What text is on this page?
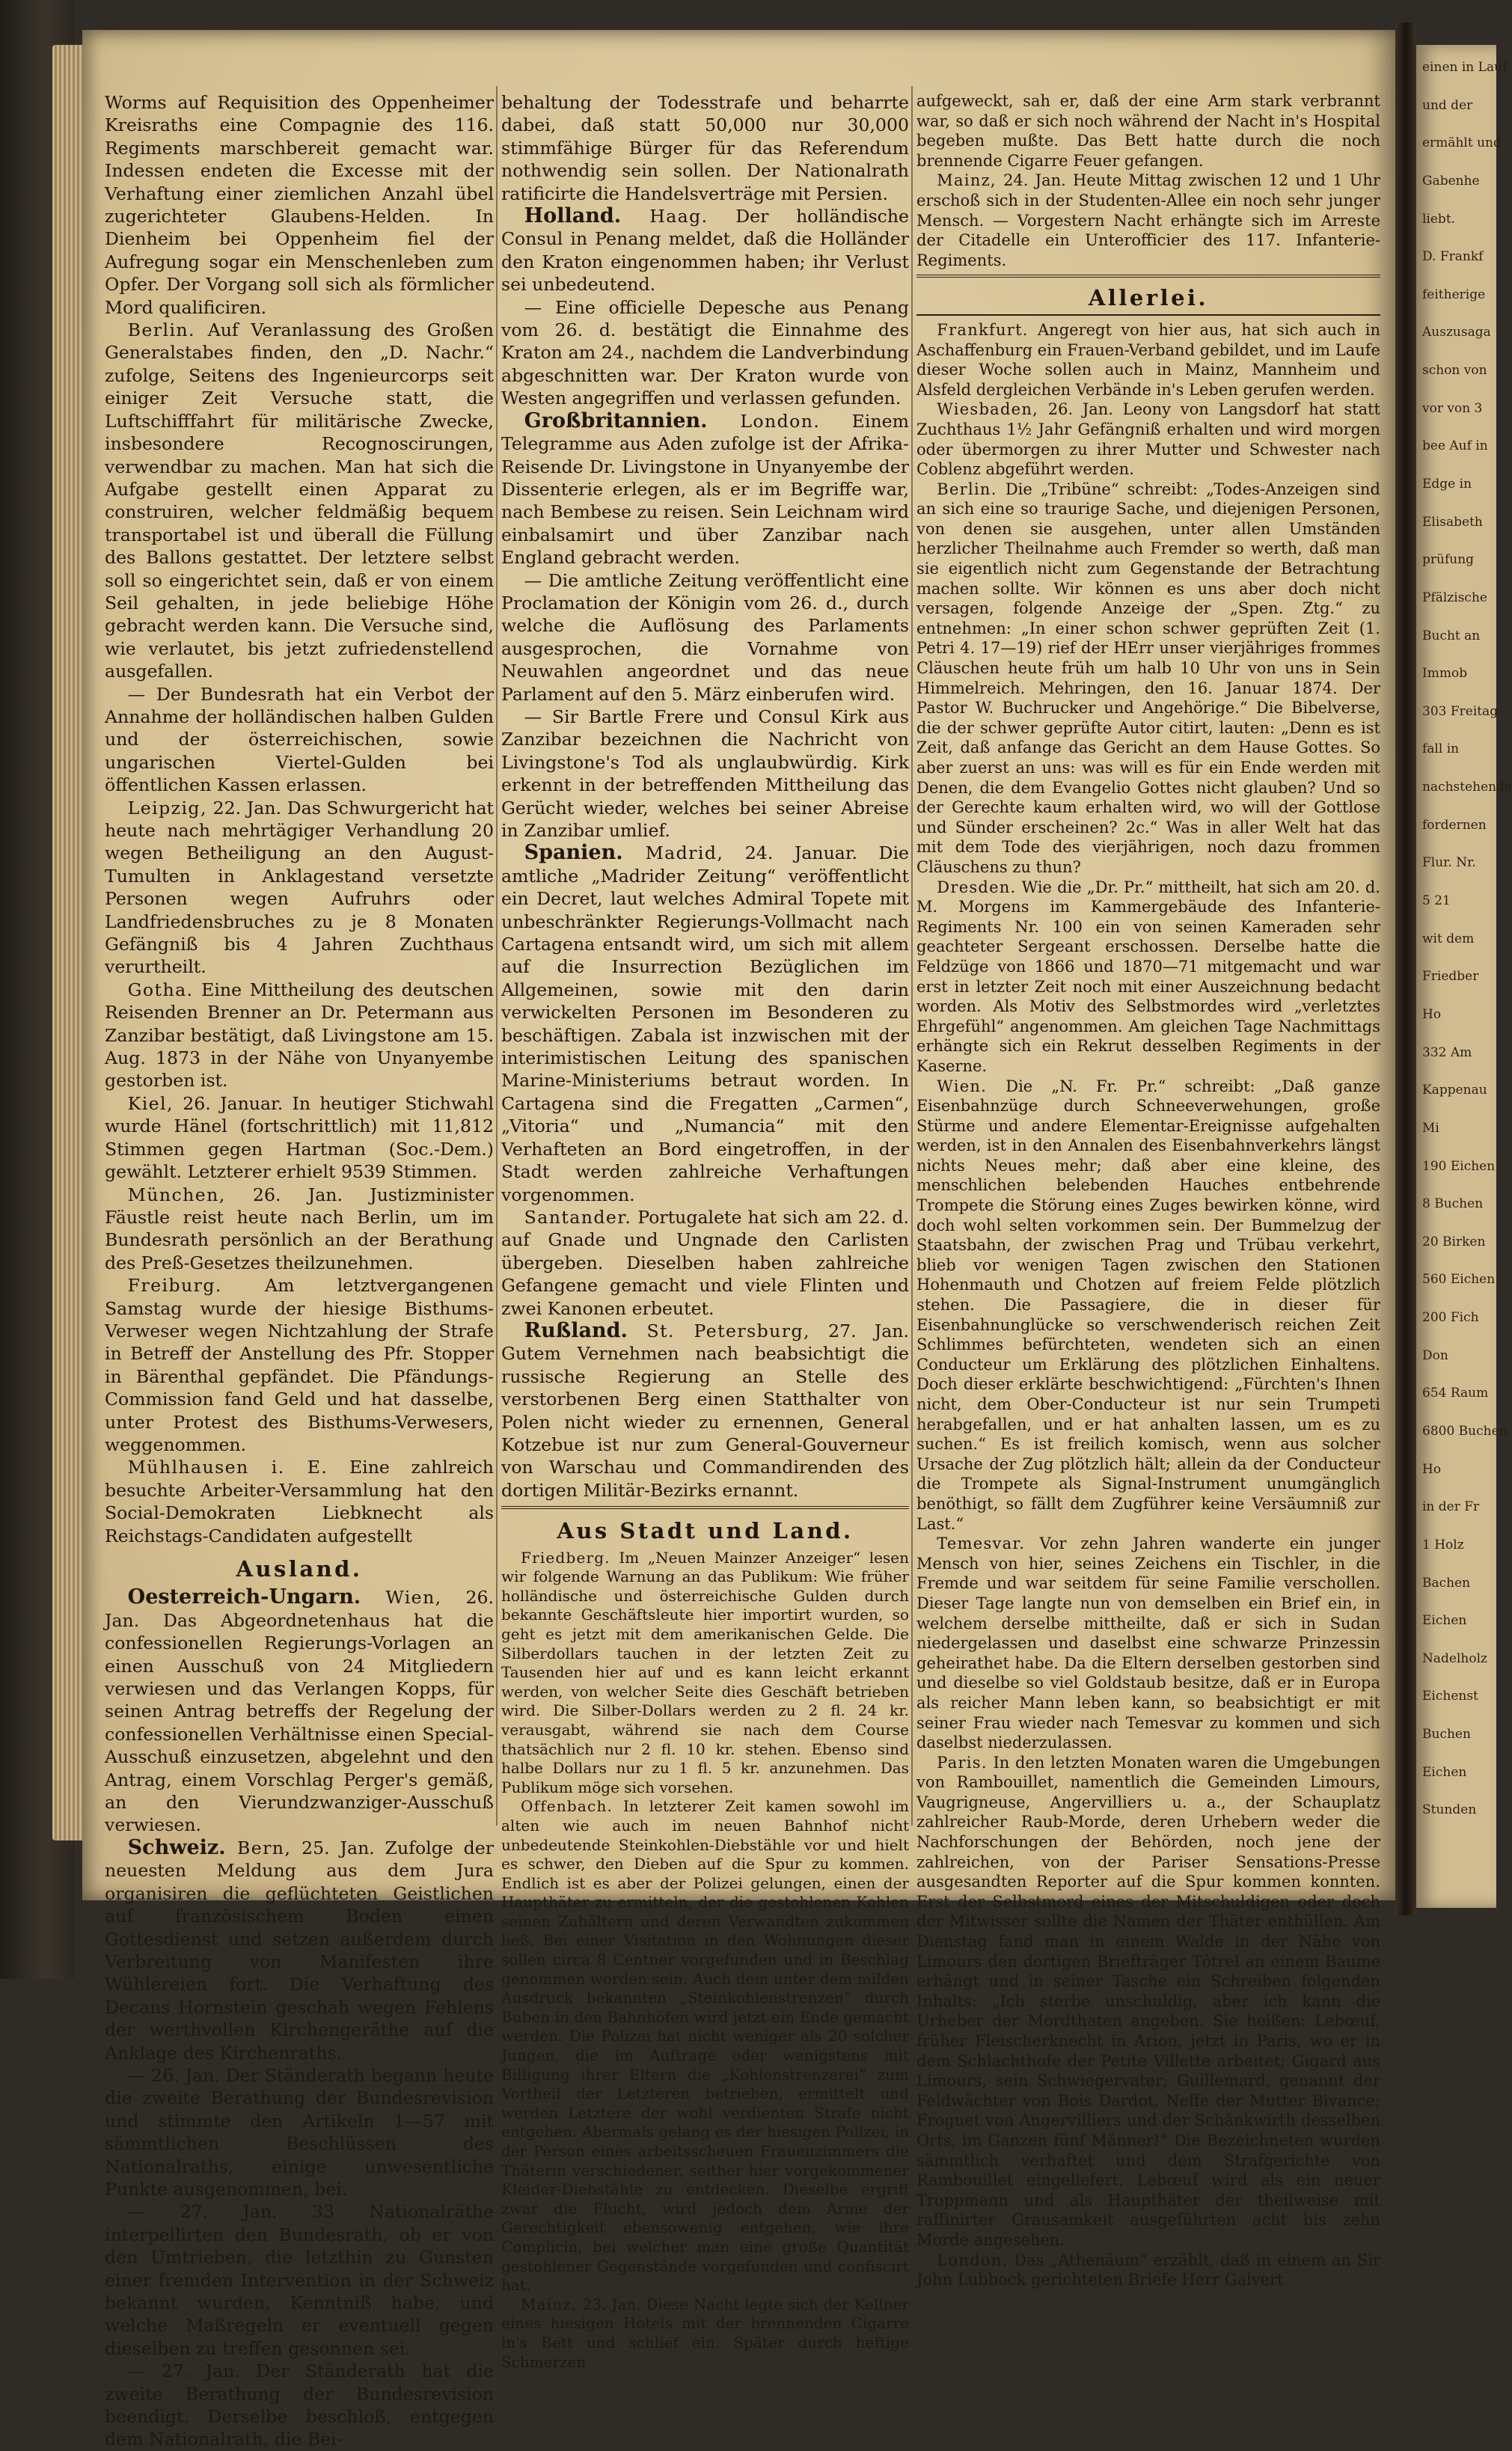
Worms auf Requisition des Oppenheimer Kreisraths eine Compagnie des 116. Regiments marschbereit gemacht war. Indessen endeten die Excesse mit der Verhaftung einer ziemlichen Anzahl übel zugerichteter Glaubens-Helden. In Dienheim bei Oppenheim fiel der Aufregung sogar ein Menschenleben zum Opfer. Der Vorgang soll sich als förmlicher Mord qualificiren.

Berlin. Auf Veranlassung des Großen Generalstabes finden, den „D. Nachr.“ zufolge, Seitens des Ingenieurcorps seit einiger Zeit Versuche statt, die Luftschifffahrt für militärische Zwecke, insbesondere Recognoscirungen, verwendbar zu machen. Man hat sich die Aufgabe gestellt einen Apparat zu construiren, welcher feldmäßig bequem transportabel ist und überall die Füllung des Ballons gestattet. Der letztere selbst soll so eingerichtet sein, daß er von einem Seil gehalten, in jede beliebige Höhe gebracht werden kann. Die Versuche sind, wie verlautet, bis jetzt zufriedenstellend ausgefallen.

— Der Bundesrath hat ein Verbot der Annahme der holländischen halben Gulden und der österreichischen, sowie ungarischen Viertel-Gulden bei öffentlichen Kassen erlassen.

Leipzig, 22. Jan. Das Schwurgericht hat heute nach mehrtägiger Verhandlung 20 wegen Betheiligung an den August-Tumulten in Anklagestand versetzte Personen wegen Aufruhrs oder Landfriedensbruches zu je 8 Monaten Gefängniß bis 4 Jahren Zuchthaus verurtheilt.

Gotha. Eine Mittheilung des deutschen Reisenden Brenner an Dr. Petermann aus Zanzibar bestätigt, daß Livingstone am 15. Aug. 1873 in der Nähe von Unyanyembe gestorben ist.

Kiel, 26. Januar. In heutiger Stichwahl wurde Hänel (fortschrittlich) mit 11,812 Stimmen gegen Hartman (Soc.-Dem.) gewählt. Letzterer erhielt 9539 Stimmen.

München, 26. Jan. Justizminister Fäustle reist heute nach Berlin, um im Bundesrath persönlich an der Berathung des Preß-Gesetzes theilzunehmen.

Freiburg. Am letztvergangenen Samstag wurde der hiesige Bisthums-Verweser wegen Nichtzahlung der Strafe in Betreff der Anstellung des Pfr. Stopper in Bärenthal gepfändet. Die Pfändungs-Commission fand Geld und hat dasselbe, unter Protest des Bisthums-Verwesers, weggenommen.

Mühlhausen i. E. Eine zahlreich besuchte Arbeiter-Versammlung hat den Social-Demokraten Liebknecht als Reichstags-Candidaten aufgestellt

Ausland.

Oesterreich-Ungarn. Wien, 26. Jan. Das Abgeordnetenhaus hat die confessionellen Regierungs-Vorlagen an einen Ausschuß von 24 Mitgliedern verwiesen und das Verlangen Kopps, für seinen Antrag betreffs der Regelung der confessionellen Verhältnisse einen Special-Ausschuß einzusetzen, abgelehnt und den Antrag, einem Vorschlag Perger's gemäß, an den Vierundzwanziger-Ausschuß verwiesen.

Schweiz. Bern, 25. Jan. Zufolge der neuesten Meldung aus dem Jura organisiren die geflüchteten Geistlichen auf französischem Boden einen Gottesdienst und setzen außerdem durch Verbreitung von Manifesten ihre Wühlereien fort. Die Verhaftung des Decans Hornstein geschah wegen Fehlens der werthvollen Kirchengeräthe auf die Anklage des Kirchenraths.

— 26. Jan. Der Ständerath begann heute die zweite Berathung der Bundesrevision und stimmte den Artikeln 1—57 mit sämmtlichen Beschlüssen des Nationalraths, einige unwesentliche Punkte ausgenommen, bei.

— 27. Jan. 33 Nationalräthe interpellirten den Bundesrath, ob er von den Umtrieben, die letzthin zu Gunsten einer fremden Intervention in der Schweiz bekannt wurden, Kenntniß habe, und welche Maßregeln er eventuell gegen dieselben zu treffen gesonnen sei.

— 27. Jan. Der Ständerath hat die zweite Berathung der Bundesrevision beendigt. Derselbe beschloß, entgegen dem Nationalrath, die Bei-

behaltung der Todesstrafe und beharrte dabei, daß statt 50,000 nur 30,000 stimmfähige Bürger für das Referendum nothwendig sein sollen. Der Nationalrath ratificirte die Handelsverträge mit Persien.

Holland. Haag. Der holländische Consul in Penang meldet, daß die Holländer den Kraton eingenommen haben; ihr Verlust sei unbedeutend.

— Eine officielle Depesche aus Penang vom 26. d. bestätigt die Einnahme des Kraton am 24., nachdem die Landverbindung abgeschnitten war. Der Kraton wurde von Westen angegriffen und verlassen gefunden.

Großbritannien. London. Einem Telegramme aus Aden zufolge ist der Afrika-Reisende Dr. Livingstone in Unyanyembe der Dissenterie erlegen, als er im Begriffe war, nach Bembese zu reisen. Sein Leichnam wird einbalsamirt und über Zanzibar nach England gebracht werden.

— Die amtliche Zeitung veröffentlicht eine Proclamation der Königin vom 26. d., durch welche die Auflösung des Parlaments ausgesprochen, die Vornahme von Neuwahlen angeordnet und das neue Parlament auf den 5. März einberufen wird.

— Sir Bartle Frere und Consul Kirk aus Zanzibar bezeichnen die Nachricht von Livingstone's Tod als unglaubwürdig. Kirk erkennt in der betreffenden Mittheilung das Gerücht wieder, welches bei seiner Abreise in Zanzibar umlief.

Spanien. Madrid, 24. Januar. Die amtliche „Madrider Zeitung“ veröffentlicht ein Decret, laut welches Admiral Topete mit unbeschränkter Regierungs-Vollmacht nach Cartagena entsandt wird, um sich mit allem auf die Insurrection Bezüglichen im Allgemeinen, sowie mit den darin verwickelten Personen im Besonderen zu beschäftigen. Zabala ist inzwischen mit der interimistischen Leitung des spanischen Marine-Ministeriums betraut worden. In Cartagena sind die Fregatten „Carmen“, „Vitoria“ und „Numancia“ mit den Verhafteten an Bord eingetroffen, in der Stadt werden zahlreiche Verhaftungen vorgenommen.

Santander. Portugalete hat sich am 22. d. auf Gnade und Ungnade den Carlisten übergeben. Dieselben haben zahlreiche Gefangene gemacht und viele Flinten und zwei Kanonen erbeutet.

Rußland. St. Petersburg, 27. Jan. Gutem Vernehmen nach beabsichtigt die russische Regierung an Stelle des verstorbenen Berg einen Statthalter von Polen nicht wieder zu ernennen, General Kotzebue ist nur zum General-Gouverneur von Warschau und Commandirenden des dortigen Militär-Bezirks ernannt.

Aus Stadt und Land.

Friedberg. Im „Neuen Mainzer Anzeiger“ lesen wir folgende Warnung an das Publikum: Wie früher holländische und österreichische Gulden durch bekannte Geschäftsleute hier importirt wurden, so geht es jetzt mit dem amerikanischen Gelde. Die Silberdollars tauchen in der letzten Zeit zu Tausenden hier auf und es kann leicht erkannt werden, von welcher Seite dies Geschäft betrieben wird. Die Silber-Dollars werden zu 2 fl. 24 kr. verausgabt, während sie nach dem Course thatsächlich nur 2 fl. 10 kr. stehen. Ebenso sind halbe Dollars nur zu 1 fl. 5 kr. anzunehmen. Das Publikum möge sich vorsehen.

Offenbach. In letzterer Zeit kamen sowohl im alten wie auch im neuen Bahnhof nicht unbedeutende Steinkohlen-Diebstähle vor und hielt es schwer, den Dieben auf die Spur zu kommen. Endlich ist es aber der Polizei gelungen, einen der Haupthäter zu ermitteln, der die gestohlenen Kohlen seinen Zuhältern und deren Verwandten zukommen ließ. Bei einer Visitation in den Wohnungen dieser sollen circa 8 Centner vorgefunden und in Beschlag genommen worden sein. Auch dem unter dem milden Ausdruck bekannten „Steinkohlenstrenzen“ durch Buben in den Bahnhöfen wird jetzt ein Ende gemacht werden. Die Polizei hat nicht weniger als 20 solcher Jungen, die im Auftrage oder wenigstens mit Billigung ihrer Eltern die „Kohlenstrenzerei“ zum Vortheil der Letzteren betrieben, ermittelt und werden Letztere der wohl verdienten Strafe nicht entgehen. Abermals gelang es der hiesigen Polizei, in der Person eines arbeitsscheuen Frauenzimmers die Thäterin verschiedener, seither hier vorgekommener Kleider-Diebstähle zu entdecken. Dieselbe ergriff zwar die Flucht, wird jedoch dem Arme der Gerechtigkeit ebensowenig entgehen, wie ihre Complicin, bei welcher man eine große Quantität gestohlener Gegenstände vorgefunden und confiscirt hat.

Mainz, 23. Jan. Diese Nacht legte sich der Kellner eines hiesigen Hotels mit der brennenden Cigarre in's Bett und schlief ein. Später durch heftige Schmerzen

aufgeweckt, sah er, daß der eine Arm stark verbrannt war, so daß er sich noch während der Nacht in's Hospital begeben mußte. Das Bett hatte durch die noch brennende Cigarre Feuer gefangen.

Mainz, 24. Jan. Heute Mittag zwischen 12 und 1 Uhr erschoß sich in der Studenten-Allee ein noch sehr junger Mensch. — Vorgestern Nacht erhängte sich im Arreste der Citadelle ein Unterofficier des 117. Infanterie-Regiments.

Allerlei.

Frankfurt. Angeregt von hier aus, hat sich auch in Aschaffenburg ein Frauen-Verband gebildet, und im Laufe dieser Woche sollen auch in Mainz, Mannheim und Alsfeld dergleichen Verbände in's Leben gerufen werden.

Wiesbaden, 26. Jan. Leony von Langsdorf hat statt Zuchthaus 1½ Jahr Gefängniß erhalten und wird morgen oder übermorgen zu ihrer Mutter und Schwester nach Coblenz abgeführt werden.

Berlin. Die „Tribüne“ schreibt: „Todes-Anzeigen sind an sich eine so traurige Sache, und diejenigen Personen, von denen sie ausgehen, unter allen Umständen herzlicher Theilnahme auch Fremder so werth, daß man sie eigentlich nicht zum Gegenstande der Betrachtung machen sollte. Wir können es uns aber doch nicht versagen, folgende Anzeige der „Spen. Ztg.“ zu entnehmen: „In einer schon schwer geprüften Zeit (1. Petri 4. 17—19) rief der HErr unser vierjähriges frommes Cläuschen heute früh um halb 10 Uhr von uns in Sein Himmelreich. Mehringen, den 16. Januar 1874. Der Pastor W. Buchrucker und Angehörige.“ Die Bibelverse, die der schwer geprüfte Autor citirt, lauten: „Denn es ist Zeit, daß anfange das Gericht an dem Hause Gottes. So aber zuerst an uns: was will es für ein Ende werden mit Denen, die dem Evangelio Gottes nicht glauben? Und so der Gerechte kaum erhalten wird, wo will der Gottlose und Sünder erscheinen? 2c.“ Was in aller Welt hat das mit dem Tode des vierjährigen, noch dazu frommen Cläuschens zu thun?

Dresden. Wie die „Dr. Pr.“ mittheilt, hat sich am 20. d. M. Morgens im Kammergebäude des Infanterie-Regiments Nr. 100 ein von seinen Kameraden sehr geachteter Sergeant erschossen. Derselbe hatte die Feldzüge von 1866 und 1870—71 mitgemacht und war erst in letzter Zeit noch mit einer Auszeichnung bedacht worden. Als Motiv des Selbstmordes wird „verletztes Ehrgefühl“ angenommen. Am gleichen Tage Nachmittags erhängte sich ein Rekrut desselben Regiments in der Kaserne.

Wien. Die „N. Fr. Pr.“ schreibt: „Daß ganze Eisenbahnzüge durch Schneeverwehungen, große Stürme und andere Elementar-Ereignisse aufgehalten werden, ist in den Annalen des Eisenbahnverkehrs längst nichts Neues mehr; daß aber eine kleine, des menschlichen belebenden Hauches entbehrende Trompete die Störung eines Zuges bewirken könne, wird doch wohl selten vorkommen sein. Der Bummelzug der Staatsbahn, der zwischen Prag und Trübau verkehrt, blieb vor wenigen Tagen zwischen den Stationen Hohenmauth und Chotzen auf freiem Felde plötzlich stehen. Die Passagiere, die in dieser für Eisenbahnunglücke so verschwenderisch reichen Zeit Schlimmes befürchteten, wendeten sich an einen Conducteur um Erklärung des plötzlichen Einhaltens. Doch dieser erklärte beschwichtigend: „Fürchten's Ihnen nicht, dem Ober-Conducteur ist nur sein Trumpeti herabgefallen, und er hat anhalten lassen, um es zu suchen.“ Es ist freilich komisch, wenn aus solcher Ursache der Zug plötzlich hält; allein da der Conducteur die Trompete als Signal-Instrument unumgänglich benöthigt, so fällt dem Zugführer keine Versäumniß zur Last.“

Temesvar. Vor zehn Jahren wanderte ein junger Mensch von hier, seines Zeichens ein Tischler, in die Fremde und war seitdem für seine Familie verschollen. Dieser Tage langte nun von demselben ein Brief ein, in welchem derselbe mittheilte, daß er sich in Sudan niedergelassen und daselbst eine schwarze Prinzessin geheirathet habe. Da die Eltern derselben gestorben sind und dieselbe so viel Goldstaub besitze, daß er in Europa als reicher Mann leben kann, so beabsichtigt er mit seiner Frau wieder nach Temesvar zu kommen und sich daselbst niederzulassen.

Paris. In den letzten Monaten waren die Umgebungen von Rambouillet, namentlich die Gemeinden Limours, Vaugrigneuse, Angervilliers u. a., der Schauplatz zahlreicher Raub-Morde, deren Urhebern weder die Nachforschungen der Behörden, noch jene der zahlreichen, von der Pariser Sensations-Presse ausgesandten Reporter auf die Spur kommen konnten. Erst der Selbstmord eines der Mitschuldigen oder doch der Mitwisser sollte die Namen der Thäter enthüllen. Am Dienstag fand man in einem Walde in der Nähe von Limours den dortigen Briefträger Tôtrel an einem Baume erhängt und in seiner Tasche ein Schreiben folgenden Inhalts: „Ich sterbe unschuldig, aber ich kann die Urheber der Mordthaten angeben. Sie heißen: Lebœuf, früher Fleischerknecht in Arion, jetzt in Paris, wo er in dem Schlachthofe der Petite Villette arbeitet; Gigard aus Limours, sein Schwiegervater; Guillemard, genannt der Feldwächter von Bois Dardot, Neffe der Mutter Bivance; Froguet von Angervilliers und der Schänkwirth desselben Orts, im Ganzen fünf Männer!“ Die Bezeichneten wurden sämmtlich verhaftet und dem Strafgerichte von Rambouillet eingeliefert. Lebœuf wird als ein neuer Troppmann und als Haupthäter der theilweise mit raffinirter Grausamkeit ausgeführten acht bis zehn Morde angesehen.

London. Das „Athenäum“ erzählt, daß in einem an Sir John Lubbock gerichteten Briefe Herr Galvert

einen in Lauf
und der
ermählt und
Gabenhe
liebt.
D. Frankf
feitherige
Auszusaga
schon von
vor von 3
bee Auf in
Edge in
Elisabeth
prüfung
Pfälzische
Bucht an
Immob
303 Freitag
fall in
nachstehende
fordernen
Flur. Nr.
5 21
wit dem
Friedber
Ho
332 Am
Kappenau
Mi
190 Eichen
8 Buchen
20 Birken
560 Eichen
200 Fich
Don
654 Raum
6800 Buchen
Ho
in der Fr
1 Holz
Bachen
Eichen
Nadelholz
Eichenst
Buchen
Eichen
Stunden
